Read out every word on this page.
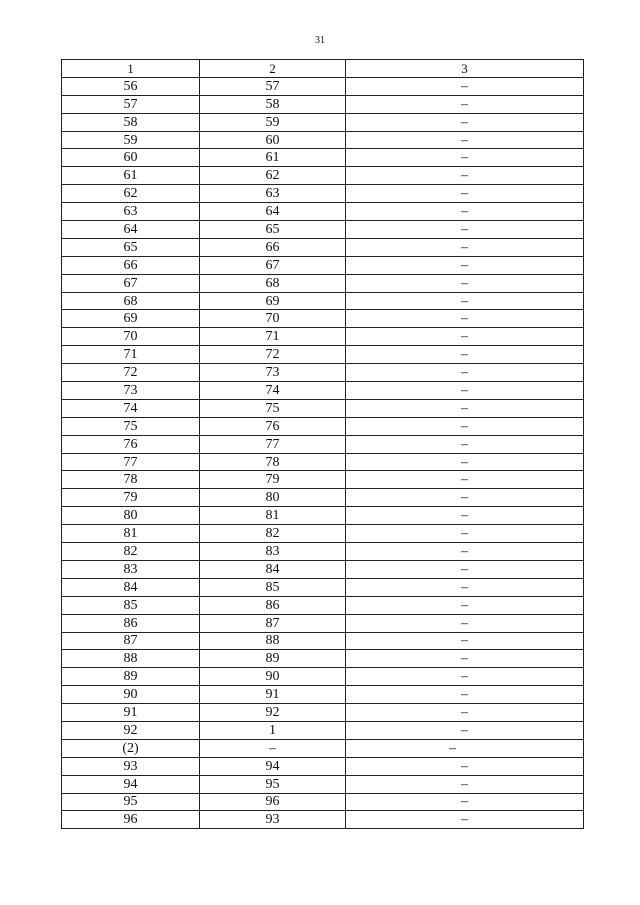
31
1	2	3
56	57	–
57	58	–
58	59	–
59	60	–
60	61	–
61	62	–
62	63	–
63	64	–
64	65	–
65	66	–
66	67	–
67	68	–
68	69	–
69	70	–
70	71	–
71	72	–
72	73	–
73	74	–
74	75	–
75	76	–
76	77	–
77	78	–
78	79	–
79	80	–
80	81	–
81	82	–
82	83	–
83	84	–
84	85	–
85	86	–
86	87	–
87	88	–
88	89	–
89	90	–
90	91	–
91	92	–
92	1	–
(2)	–	–
93	94	–
94	95	–
95	96	–
96	93	–
